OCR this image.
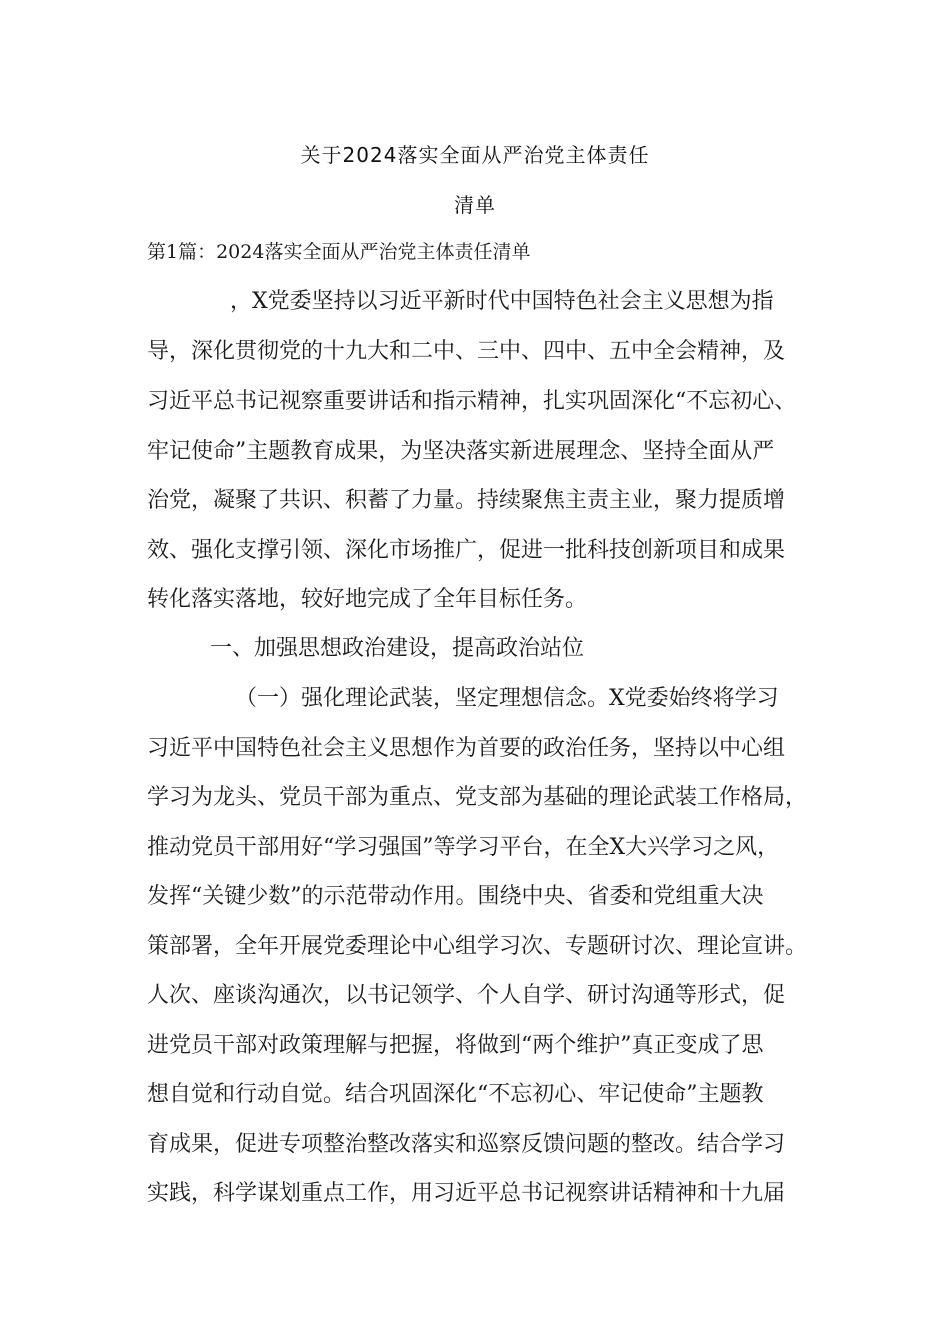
关于2024落实全面从严治党主体责任
清单
第1篇：2024落实全面从严治党主体责任清单
，X党委坚持以习近平新时代中国特色社会主义思想为指
导，深化贯彻党的十九大和二中、三中、四中、五中全会精神，及
习近平总书记视察重要讲话和指示精神，扎实巩固深化“不忘初心、
牢记使命”主题教育成果，为坚决落实新进展理念、坚持全面从严
治党，凝聚了共识、积蓄了力量。持续聚焦主责主业，聚力提质增
效、强化支撑引领、深化市场推广，促进一批科技创新项目和成果
转化落实落地，较好地完成了全年目标任务。
一、加强思想政治建设，提高政治站位
（一）强化理论武装，坚定理想信念。X党委始终将学习
习近平中国特色社会主义思想作为首要的政治任务，坚持以中心组
学习为龙头、党员干部为重点、党支部为基础的理论武装工作格局，
推动党员干部用好“学习强国”等学习平台，在全X大兴学习之风，
发挥“关键少数”的示范带动作用。围绕中央、省委和党组重大决
策部署，全年开展党委理论中心组学习次、专题研讨次、理论宣讲。
人次、座谈沟通次，以书记领学、个人自学、研讨沟通等形式，促
进党员干部对政策理解与把握，将做到“两个维护”真正变成了思
想自觉和行动自觉。结合巩固深化“不忘初心、牢记使命”主题教
育成果，促进专项整治整改落实和巡察反馈问题的整改。结合学习
实践，科学谋划重点工作，用习近平总书记视察讲话精神和十九届
